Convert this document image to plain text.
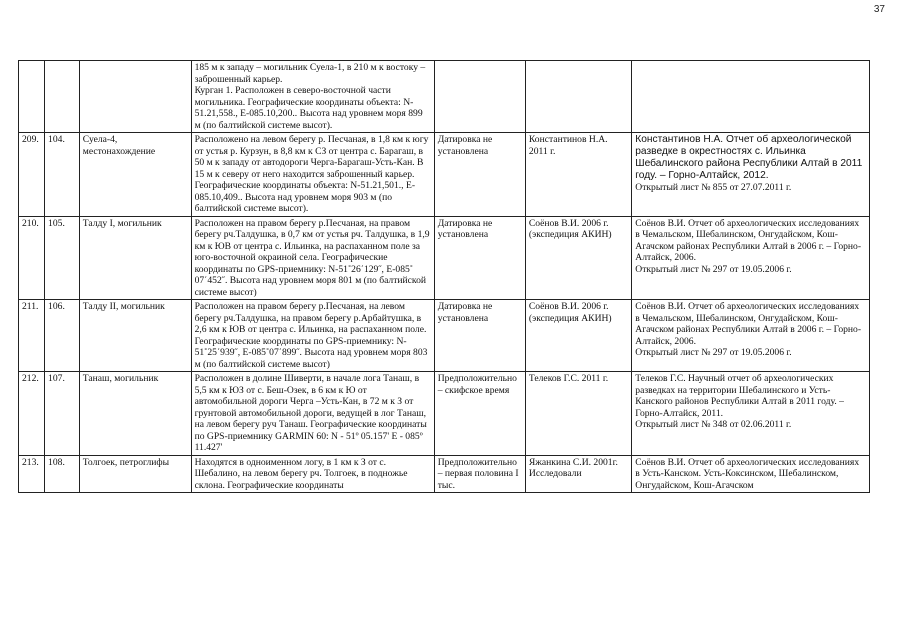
37
			185 м к западу – могильник Суела-1, в 210 м к востоку – заброшенный карьер.
Курган 1. Расположен в северо-восточной части могильника. Географические координаты объекта: N-51.21,558., E-085.10,200.. Высота над уровнем моря 899 м (по балтийской системе высот).			
209.	104.	Суела-4, местонахождение	Расположено на левом берегу р. Песчаная, в 1,8 км к югу от устья р. Курзун, в 8,8 км к СЗ от центра с. Барагаш, в 50 м к западу от автодороги Черга-Барагаш-Усть-Кан. В 15 м к северу от него находится заброшенный карьер. Географические координаты объекта: N-51.21,501., E-085.10,409.. Высота над уровнем моря 903 м (по балтийской системе высот).	Датировка не установлена	Константинов Н.А. 2011 г.	Константинов Н.А. Отчет об археологической разведке в окрестностях с. Ильинка Шебалинского района Республики Алтай в 2011 году. – Горно-Алтайск, 2012.

Открытый лист № 855 от 27.07.2011 г.

210.	105.	Талду I, могильник	Расположен на правом берегу р.Песчаная, на правом берегу рч.Талдушка, в 0,7 км от устья рч. Талдушка, в 1,9 км к ЮВ от центра с. Ильинка, на распаханном поле за юго-восточной окраиной села. Географические координаты по GPS-приемнику: N-51˚26΄129˝, E-085˚ 07΄452˝. Высота над уровнем моря 801 м (по балтийской системе высот)	Датировка не установлена	Соёнов В.И. 2006 г. (экспедиция АКИН)	Соёнов В.И. Отчет об археологических исследованиях в Чемальском, Шебалинском, Онгудайском, Кош-Агачском районах Республики Алтай в 2006 г. – Горно-Алтайск, 2006.

Открытый лист № 297 от 19.05.2006 г.

211.	106.	Талду II, могильник	Расположен на правом берегу р.Песчаная, на левом берегу рч.Талдушка, на правом берегу р.Арбайтушка, в 2,6 км к ЮВ от центра с. Ильинка, на распаханном поле. Географические координаты по GPS-приемнику: N-51˚25΄939˝, E-085˚07΄899˝. Высота над уровнем моря 803 м (по балтийской системе высот)	Датировка не установлена	Соёнов В.И. 2006 г. (экспедиция АКИН)	Соёнов В.И. Отчет об археологических исследованиях в Чемальском, Шебалинском, Онгудайском, Кош-Агачском районах Республики Алтай в 2006 г. – Горно-Алтайск, 2006.

Открытый лист № 297 от 19.05.2006 г.

212.	107.	Танаш, могильник	Расположен в долине Шиверти, в начале лога Танаш, в 5,5 км к ЮЗ от с. Беш-Озек, в 6 км к Ю от автомобильной дороги Черга –Усть-Кан, в 72 м к З от грунтовой автомобильной дороги, ведущей в лог Танаш, на левом берегу руч Танаш. Географические координаты по GPS-приемнику GARMIN 60: N - 51º 05.157' E - 085º 11.427'	Предположительно – скифское время	Телеков Г.С. 2011 г.	Телеков Г.С. Научный отчет об археологических разведках на территории Шебалинского и Усть-Канского районов Республики Алтай в 2011 году. – Горно-Алтайск, 2011.

Открытый лист № 348 от 02.06.2011 г.

213.	108.	Толгоек, петроглифы	Находятся в одноименном логу, в 1 км к З от с. Шебалино, на левом берегу рч. Толгоек, в подножье склона. Географические координаты	Предположительно – первая половина I тыс.	Яжанкина С.И. 2001г. Исследовали	Соёнов В.И. Отчет об археологических исследованиях в Усть-Канском. Усть-Коксинском, Шебалинском, Онгудайском, Кош-Агачском
